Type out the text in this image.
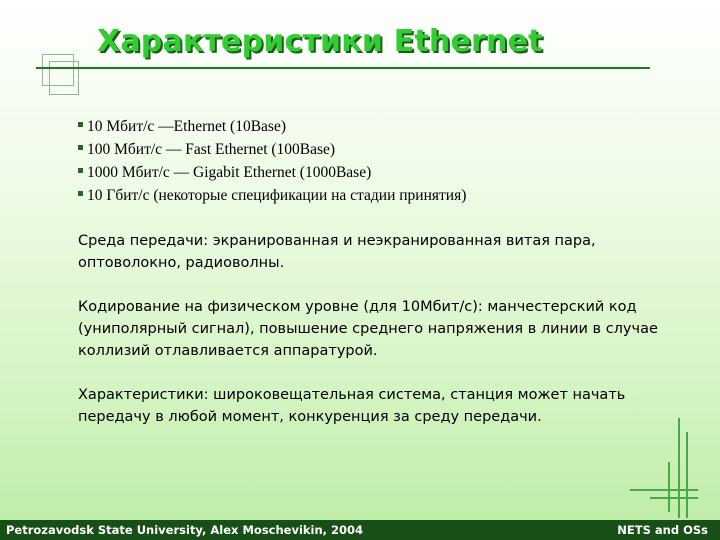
Характеристики Ethernet
10 Мбит/с —Ethernet (10Base)
100 Мбит/с — Fast Ethernet (100Base)
1000 Мбит/с — Gigabit Ethernet (1000Base)
10 Гбит/с (некоторые спецификации на стадии принятия)

Среда передачи: экранированная и неэкранированная витая пара, оптоволокно, радиоволны.

Кодирование на физическом уровне (для 10Мбит/с): манчестерский код (униполярный сигнал), повышение среднего напряжения в линии в случае коллизий отлавливается аппаратурой.

Характеристики: широковещательная система, станция может начать передачу в любой момент, конкуренция за среду передачи.

Petrozavodsk State University, Alex Moschevikin, 2004	NETS and OSs
